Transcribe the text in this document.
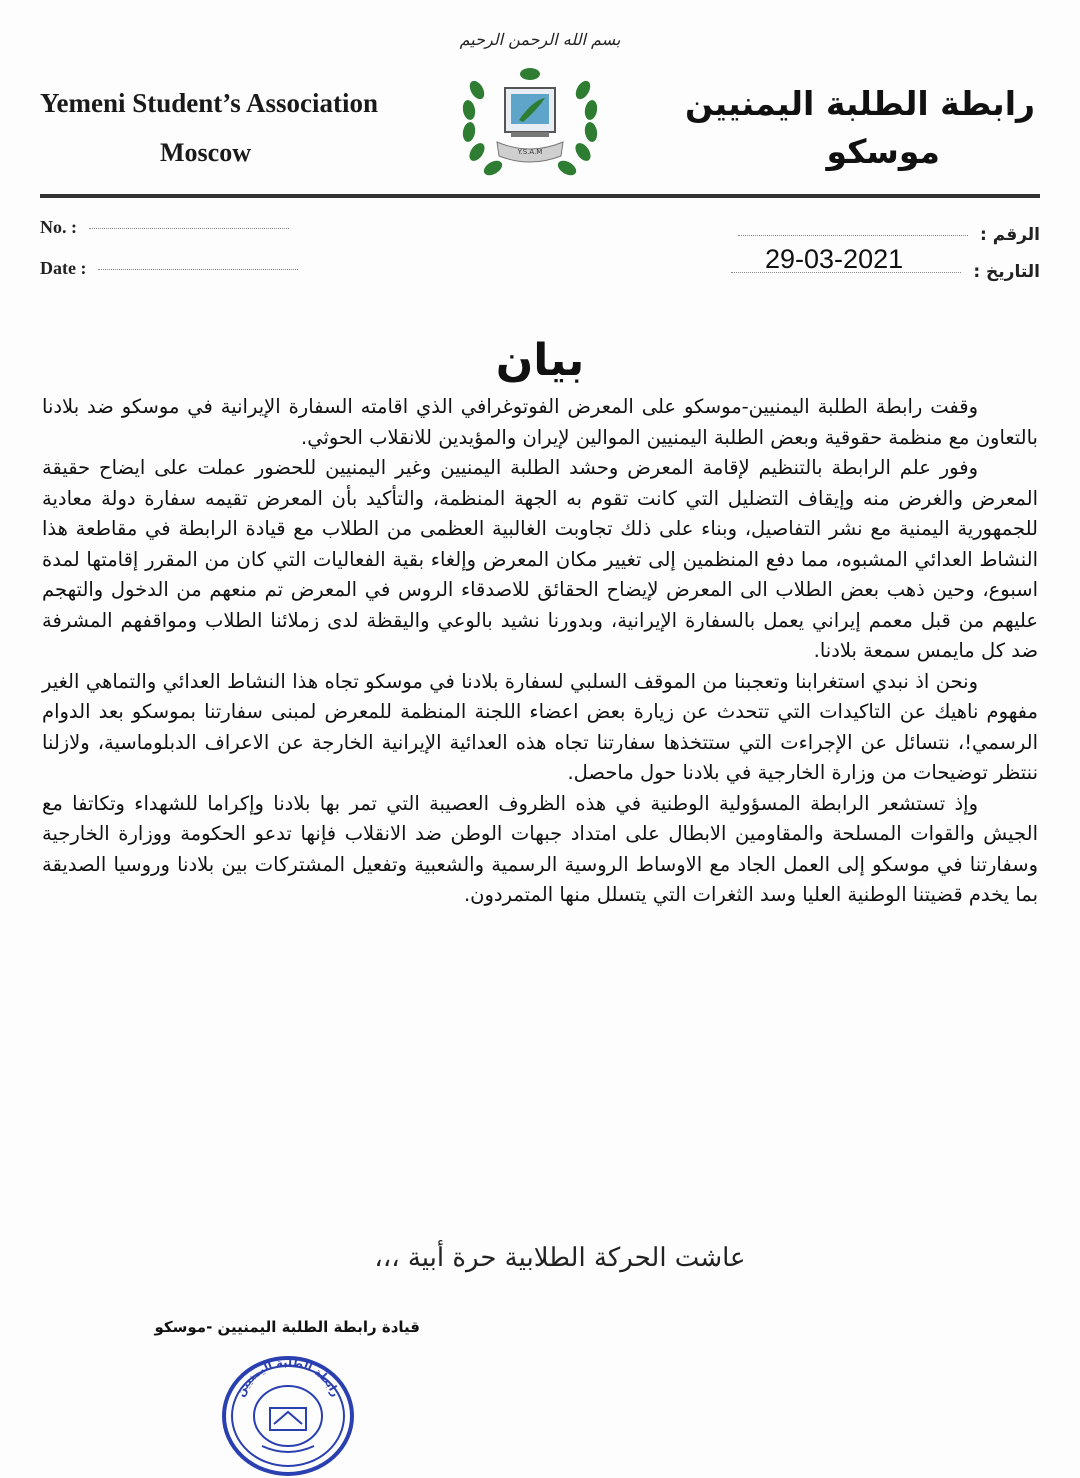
بسم الله الرحمن الرحيم
Yemeni Student’s Association
Moscow
رابطة الطلبة اليمنيين
موسكو
Y.S.A.M
No. :
Date :
الرقم :
التاريخ :
29-03-2021
بيان

وقفت رابطة الطلبة اليمنيين-موسكو على المعرض الفوتوغرافي الذي اقامته السفارة الإيرانية في موسكو ضد بلادنا بالتعاون مع منظمة حقوقية وبعض الطلبة اليمنيين الموالين لإيران والمؤيدين للانقلاب الحوثي.

وفور علم الرابطة بالتنظيم لإقامة المعرض وحشد الطلبة اليمنيين وغير اليمنيين للحضور عملت على ايضاح حقيقة المعرض والغرض منه وإيقاف التضليل التي كانت تقوم به الجهة المنظمة، والتأكيد بأن المعرض تقيمه سفارة دولة معادية للجمهورية اليمنية مع نشر التفاصيل، وبناء على ذلك تجاوبت الغالبية العظمى من الطلاب مع قيادة الرابطة في مقاطعة هذا النشاط العدائي المشبوه، مما دفع المنظمين إلى تغيير مكان المعرض وإلغاء بقية الفعاليات التي كان من المقرر إقامتها لمدة اسبوع، وحين ذهب بعض الطلاب الى المعرض لإيضاح الحقائق للاصدقاء الروس في المعرض تم منعهم من الدخول والتهجم عليهم من قبل معمم إيراني يعمل بالسفارة الإيرانية، وبدورنا نشيد بالوعي واليقظة لدى زملائنا الطلاب ومواقفهم المشرفة ضد كل مايمس سمعة بلادنا.

ونحن اذ نبدي استغرابنا وتعجبنا من الموقف السلبي لسفارة بلادنا في موسكو تجاه هذا النشاط العدائي والتماهي الغير مفهوم ناهيك عن التاكيدات التي تتحدث عن زيارة بعض اعضاء اللجنة المنظمة للمعرض لمبنى سفارتنا بموسكو بعد الدوام الرسمي!، نتسائل عن الإجراءت التي ستتخذها سفارتنا تجاه هذه العدائية الإيرانية الخارجة عن الاعراف الدبلوماسية، ولازلنا ننتظر توضيحات من وزارة الخارجية في بلادنا حول ماحصل.

وإذ تستشعر الرابطة المسؤولية الوطنية في هذه الظروف العصيبة التي تمر بها بلادنا وإكراما للشهداء وتكاتفا مع الجيش والقوات المسلحة والمقاومين الابطال على امتداد جبهات الوطن ضد الانقلاب فإنها تدعو الحكومة ووزارة الخارجية وسفارتنا في موسكو إلى العمل الجاد مع الاوساط الروسية الرسمية والشعبية وتفعيل المشتركات بين بلادنا وروسيا الصديقة بما يخدم قضيتنا الوطنية العليا وسد الثغرات التي يتسلل منها المتمردون.

عاشت الحركة الطلابية حرة أبية ،،،
قيادة رابطة الطلبة اليمنيين -موسكو
رابطة الطلبة اليمنيين
